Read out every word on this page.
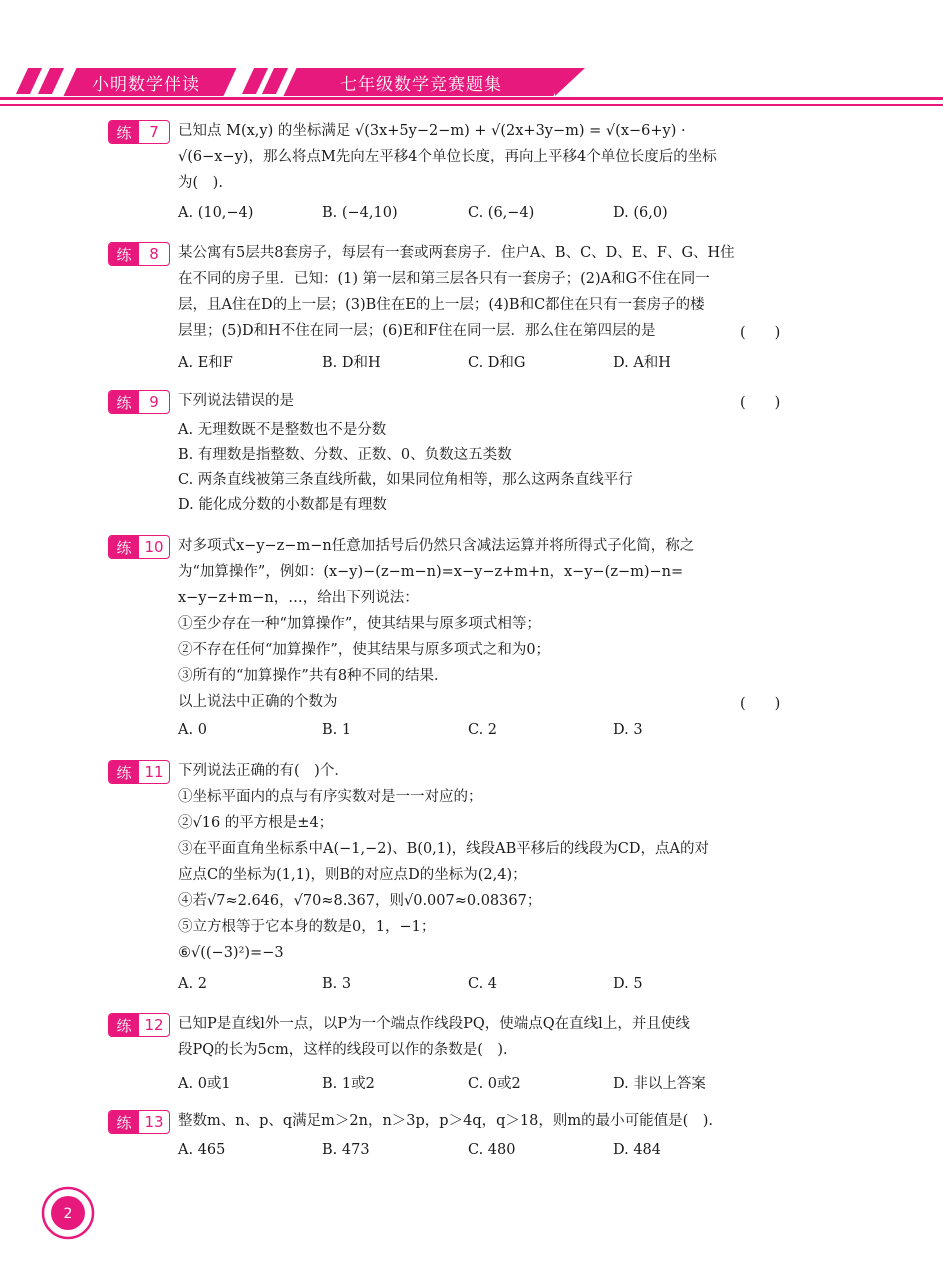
小明数学伴读	七年级数学竞赛题集
练	7	已知点 M(x,y) 的坐标满足 √(3x+5y−2−m) + √(2x+3y−m) = √(x−6+y) ·
√(6−x−y)，那么将点M先向左平移4个单位长度，再向上平移4个单位长度后的坐标
为(　).
A. (10,−4)	B. (−4,10)	C. (6,−4)	D. (6,0)
练	8	某公寓有5层共8套房子，每层有一套或两套房子．住户A、B、C、D、E、F、G、H住
在不同的房子里．已知：(1) 第一层和第三层各只有一套房子；(2)A和G不住在同一
层，且A住在D的上一层；(3)B住在E的上一层；(4)B和C都住在只有一套房子的楼
层里；(5)D和H不住在同一层；(6)E和F住在同一层．那么住在第四层的是	(　　)
A. E和F	B. D和H	C. D和G	D. A和H
练	9	下列说法错误的是	(　　)
A. 无理数既不是整数也不是分数
B. 有理数是指整数、分数、正数、0、负数这五类数
C. 两条直线被第三条直线所截，如果同位角相等，那么这两条直线平行
D. 能化成分数的小数都是有理数
练 10 对多项式x−y−z−m−n任意加括号后仍然只含减法运算并将所得式子化简，称之
为“加算操作”，例如：(x−y)−(z−m−n)=x−y−z+m+n，x−y−(z−m)−n=
x−y−z+m−n，…，给出下列说法：
①至少存在一种“加算操作”，使其结果与原多项式相等；
②不存在任何“加算操作”，使其结果与原多项式之和为0；
③所有的“加算操作”共有8种不同的结果．
以上说法中正确的个数为	(　　)
A. 0	B. 1	C. 2	D. 3
练 11 下列说法正确的有(　)个．
①坐标平面内的点与有序实数对是一一对应的；
②√16 的平方根是±4；
③在平面直角坐标系中A(−1,−2)、B(0,1)，线段AB平移后的线段为CD，点A的对
应点C的坐标为(1,1)，则B的对应点D的坐标为(2,4)；
④若√7≈2.646，√70≈8.367，则√0.007≈0.08367；
⑤立方根等于它本身的数是0，1，−1；
⑥√((−3)²)=−3
A. 2	B. 3	C. 4	D. 5
练 12 已知P是直线l外一点，以P为一个端点作线段PQ，使端点Q在直线l上，并且使线
段PQ的长为5cm，这样的线段可以作的条数是(　).
A. 0或1	B. 1或2	C. 0或2	D. 非以上答案
练 13 整数m、n、p、q满足m＞2n，n＞3p，p＞4q，q＞18，则m的最小可能值是(　).
A. 465	B. 473	C. 480	D. 484
2
